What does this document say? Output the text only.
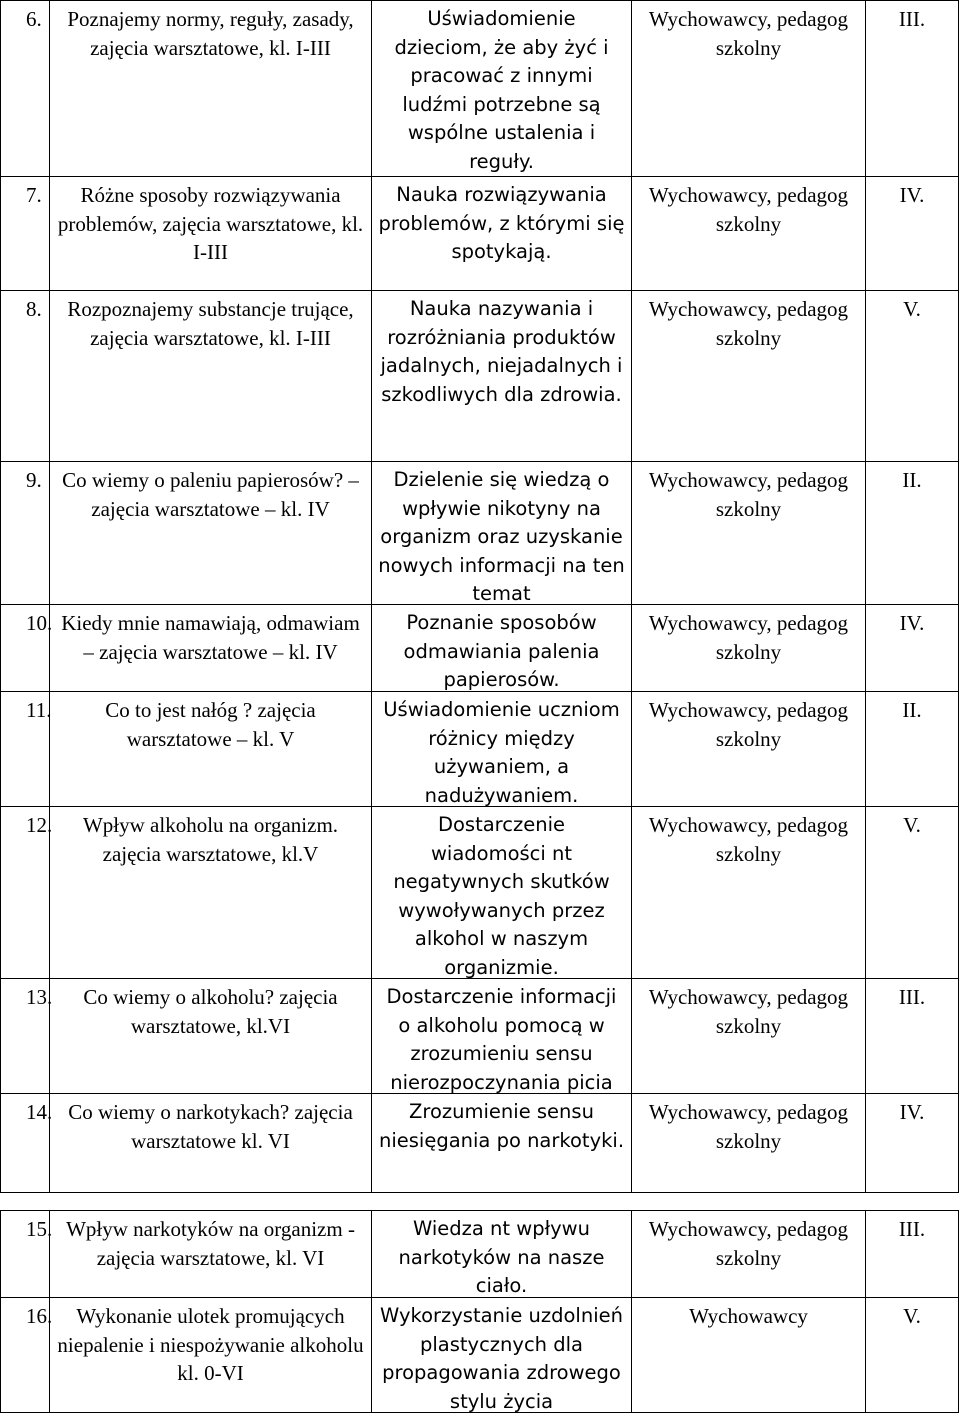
6.	Poznajemy normy, reguły, zasady, zajęcia warsztatowe, kl. I-III
Uświadomienie dzieciom, że aby żyć i pracować z innymi ludźmi potrzebne są wspólne ustalenia i reguły.
Wychowawcy, pedagog szkolny
III.
7.	Różne sposoby rozwiązywania problemów, zajęcia warsztatowe, kl. I-III
Nauka rozwiązywania problemów, z którymi się spotykają.
Wychowawcy, pedagog szkolny
IV.
8.	Rozpoznajemy substancje trujące, zajęcia warsztatowe, kl. I-III
Nauka nazywania i rozróżniania produktów jadalnych, niejadalnych i szkodliwych dla zdrowia.
Wychowawcy, pedagog szkolny
V.
9. Co wiemy o paleniu papierosów? – zajęcia warsztatowe – kl. IV
Dzielenie się wiedzą o wpływie nikotyny na organizm oraz uzyskanie nowych informacji na ten temat
Wychowawcy, pedagog szkolny
II.
10. Kiedy mnie namawiają, odmawiam – zajęcia warsztatowe – kl. IV
Poznanie sposobów odmawiania palenia papierosów.
Wychowawcy, pedagog szkolny
IV.
11.	Co to jest nałóg ? zajęcia warsztatowe – kl. V
Uświadomienie uczniom różnicy między używaniem, a nadużywaniem.
Wychowawcy, pedagog szkolny
II.
12.	Wpływ alkoholu na organizm. zajęcia warsztatowe, kl.V
Dostarczenie wiadomości nt negatywnych skutków wywoływanych przez alkohol w naszym organizmie.
Wychowawcy, pedagog szkolny
V.
13.	Co wiemy o alkoholu? zajęcia warsztatowe, kl.VI
Dostarczenie informacji o alkoholu pomocą w zrozumieniu sensu nierozpoczynania picia
Wychowawcy, pedagog szkolny
III.
14. Co wiemy o narkotykach? zajęcia warsztatowe kl. VI
Zrozumienie sensu niesięgania po narkotyki.
Wychowawcy, pedagog szkolny
IV.
15. Wpływ narkotyków na organizm - zajęcia warsztatowe, kl. VI
Wiedza nt wpływu narkotyków na nasze ciało.
Wychowawcy, pedagog szkolny
III.
16.	Wykonanie ulotek promujących niepalenie i niespożywanie alkoholu kl. 0-VI
Wykorzystanie uzdolnień plastycznych dla propagowania zdrowego stylu życia
Wychowawcy	V.
